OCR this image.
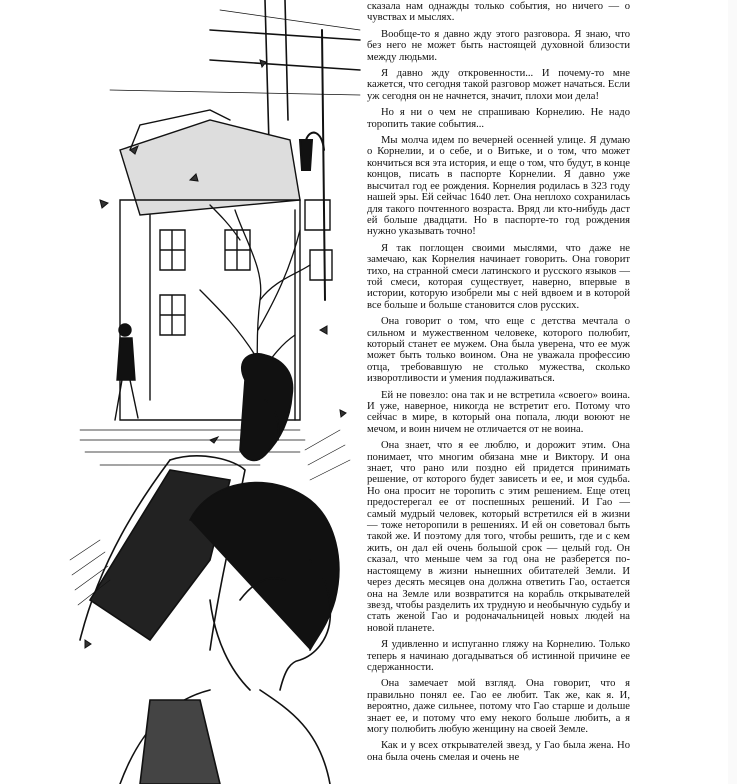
сказала нам однажды только события, но ничего — о чувствах и мыслях.

Вообще-то я давно жду этого разговора. Я знаю, что без него не может быть настоящей духовной близости между людьми.

Я давно жду откровенности... И почему-то мне кажется, что сегодня такой разговор может начаться. Если уж сегодня он не начнется, значит, плохи мои дела!

Но я ни о чем не спрашиваю Корнелию. Не надо торопить такие события...

Мы молча идем по вечерней осенней улице. Я думаю о Корнелии, и о себе, и о Витьке, и о том, что может кончиться вся эта история, и еще о том, что будут, в конце концов, писать в паспорте Корнелии. Я давно уже высчитал год ее рождения. Корнелия родилась в 323 году нашей эры. Ей сейчас 1640 лет. Она неплохо сохранилась для такого почтенного возраста. Вряд ли кто-нибудь даст ей больше двадцати. Но в паспорте-то год рождения нужно указывать точно!

Я так поглощен своими мыслями, что даже не замечаю, как Корнелия начинает говорить. Она говорит тихо, на странной смеси латинского и русского языков — той смеси, которая существует, наверно, впервые в истории, которую изобрели мы с ней вдвоем и в которой все больше и больше становится слов русских.

Она говорит о том, что еще с детства мечтала о сильном и мужественном человеке, которого полюбит, который станет ее мужем. Она была уверена, что ее муж может быть только воином. Она не уважала профессию отца, требовавшую не столько мужества, сколько изворотливости и умения подлаживаться.

Ей не повезло: она так и не встретила «своего» воина. И уже, наверное, никогда не встретит его. Потому что сейчас в мире, в который она попала, люди воюют не мечом, и воин ничем не отличается от не воина.

Она знает, что я ее люблю, и дорожит этим. Она понимает, что многим обязана мне и Виктору. И она знает, что рано или поздно ей придется принимать решение, от которого будет зависеть и ее, и моя судьба. Но она просит не торопить с этим решением. Еще отец предостерегал ее от поспешных решений. И Гао — самый мудрый человек, который встретился ей в жизни — тоже неторопили в решениях. И ей он советовал быть такой же. И поэтому для того, чтобы решить, где и с кем жить, он дал ей очень большой срок — целый год. Он сказал, что меньше чем за год она не разберется по-настоящему в жизни нынешних обитателей Земли. И через десять месяцев она должна ответить Гао, остается она на Земле или возвратится на корабль открывателей звезд, чтобы разделить их трудную и необычную судьбу и стать женой Гао и родоначальницей новых людей на новой планете.

Я удивленно и испуганно гляжу на Корнелию. Только теперь я начинаю догадываться об истинной причине ее сдержанности.

Она замечает мой взгляд. Она говорит, что я правильно понял ее. Гао ее любит. Так же, как я. И, вероятно, даже сильнее, потому что Гао старше и дольше знает ее, и потому что ему некого больше любить, а я могу полюбить любую женщину на своей Земле.

Как и у всех открывателей звезд, у Гао была жена. Но она была очень смелая и очень не
